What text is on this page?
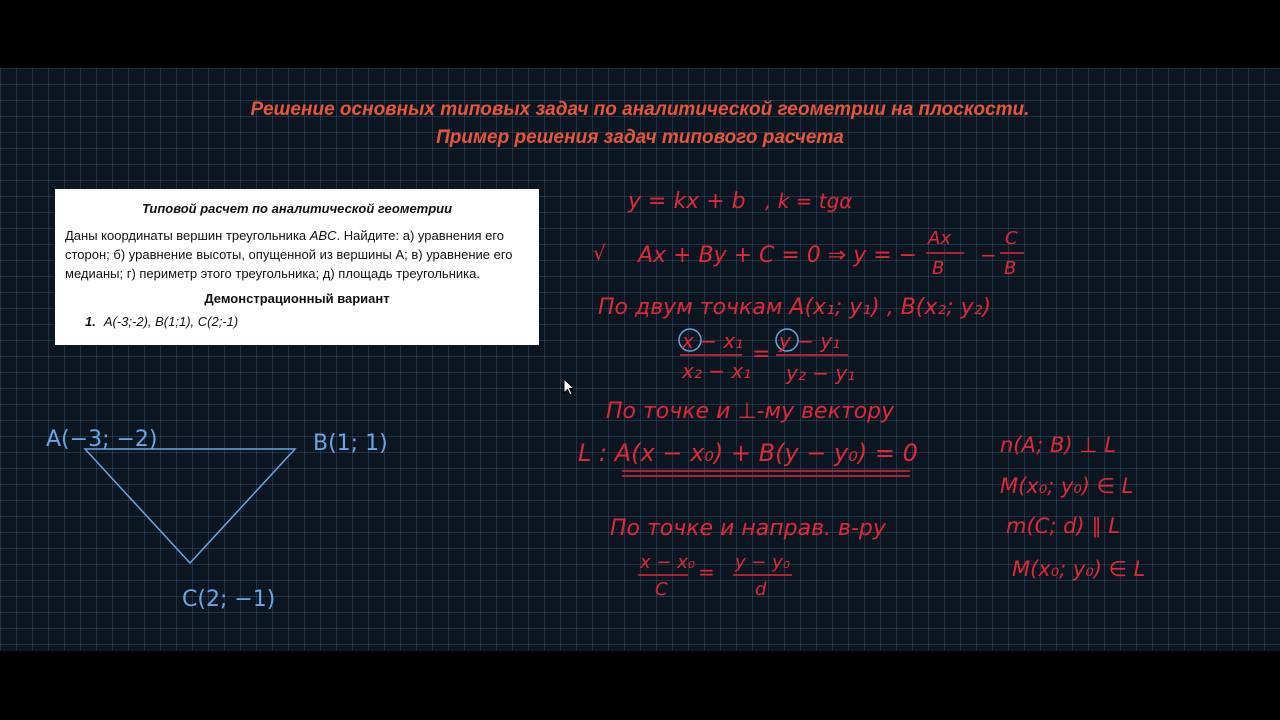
Решение основных типовых задач по аналитической геометрии на плоскости.
Пример решения задач типового расчета
Типовой расчет по аналитической геометрии
Даны координаты вершин треугольника ABC. Найдите: а) уравнения его сторон; б) уравнение высоты, опущенной из вершины А; в) уравнение его медианы; г) периметр этого треугольника; д) площадь треугольника.
Демонстрационный вариант
1. A(-3;-2), B(1;1), C(2;-1)
A(−3; −2)	B(1; 1)
C(2; −1)
y = kx + b , k = tgα
√ Ax + By + C = 0 ⇒ y = −
Ax
B
−
C
B
По двум точкам A(x₁; y₁) , B(x₂; y₂)
x − x₁
x₂ − x₁
=
y − y₁
y₂ − y₁
По точке и ⊥-му вектору
L : A(x − x₀) + B(y − y₀) = 0	n(A; B) ⊥ L
M(x₀; y₀) ∈ L
m(C; d) ∥ L
M(x₀; y₀) ∈ L
По точке и направ. в-ру
x − x₀
C
= y − y₀
d
